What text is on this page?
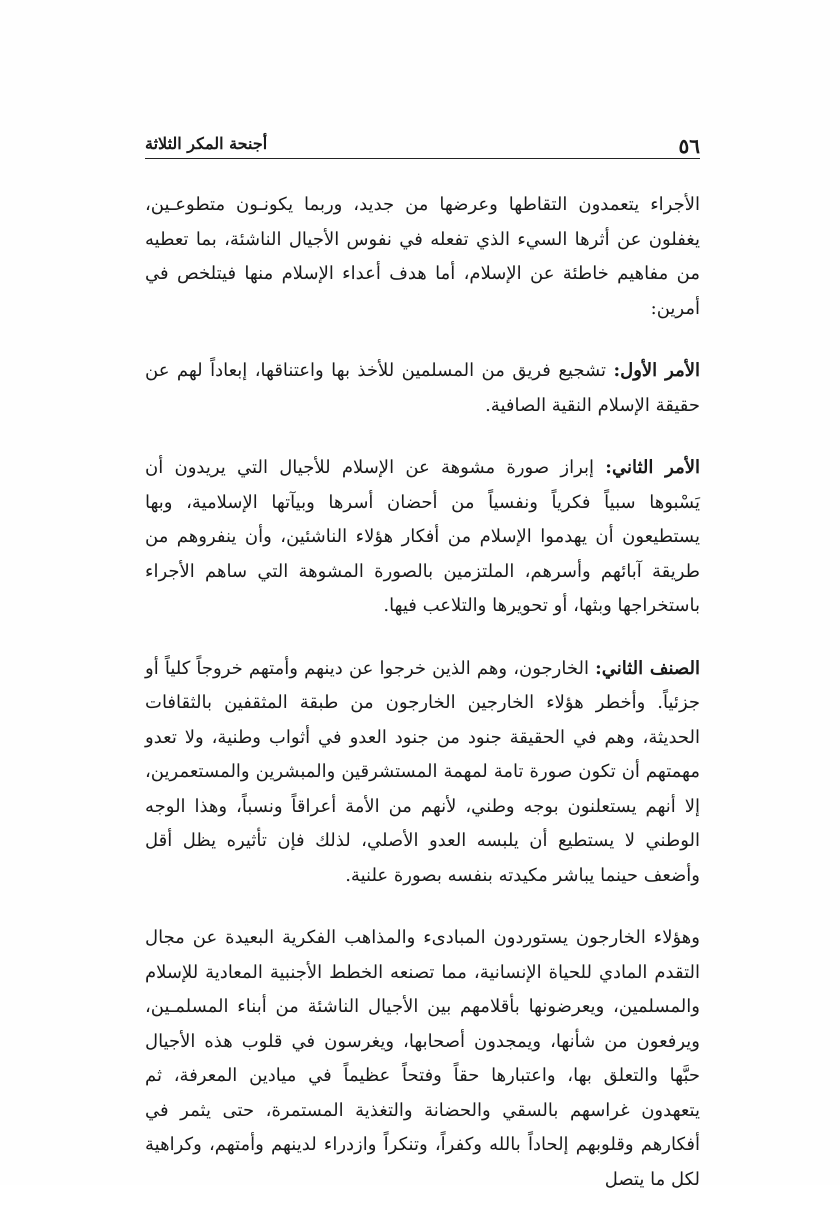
٥٦
أجنحة المكر الثلاثة

الأجراء يتعمدون التقاطها وعرضها من جديد، وربما يكونـون متطوعـين، يغفلون عن أثرها السيء الذي تفعله في نفوس الأجيال الناشئة، بما تعطيه من مفاهيم خاطئة عن الإسلام، أما هدف أعداء الإسلام منها فيتلخص في أمرين:

الأمر الأول: تشجيع فريق من المسلمين للأخذ بها واعتناقها، إبعاداً لهم عن حقيقة الإسلام النقية الصافية.

الأمر الثاني: إبراز صورة مشوهة عن الإسلام للأجيال التي يريدون أن يَسْبوها سبياً فكرياً ونفسياً من أحضان أسرها وبيآتها الإسلامية، وبها يستطيعون أن يهدموا الإسلام من أفكار هؤلاء الناشئين، وأن ينفروهم من طريقة آبائهم وأسرهم، الملتزمين بالصورة المشوهة التي ساهم الأجراء باستخراجها وبثها، أو تحويرها والتلاعب فيها.

الصنف الثاني: الخارجون، وهم الذين خرجوا عن دينهم وأمتهم خروجاً كلياً أو جزئياً. وأخطر هؤلاء الخارجين الخارجون من طبقة المثقفين بالثقافات الحديثة، وهم في الحقيقة جنود من جنود العدو في أثواب وطنية، ولا تعدو مهمتهم أن تكون صورة تامة لمهمة المستشرقين والمبشرين والمستعمرين، إلا أنهم يستعلنون بوجه وطني، لأنهم من الأمة أعراقاً ونسباً، وهذا الوجه الوطني لا يستطيع أن يلبسه العدو الأصلي، لذلك فإن تأثيره يظل أقل وأضعف حينما يباشر مكيدته بنفسه بصورة علنية.

وهؤلاء الخارجون يستوردون المبادىء والمذاهب الفكرية البعيدة عن مجال التقدم المادي للحياة الإنسانية، مما تصنعه الخطط الأجنبية المعادية للإسلام والمسلمين، ويعرضونها بأقلامهم بين الأجيال الناشئة من أبناء المسلمـين، ويرفعون من شأنها، ويمجدون أصحابها، ويغرسون في قلوب هذه الأجيال حبَّها والتعلق بها، واعتبارها حقاً وفتحاً عظيماً في ميادين المعرفة، ثم يتعهدون غراسهم بالسقي والحضانة والتغذية المستمرة، حتى يثمر في أفكارهم وقلوبهم إلحاداً بالله وكفراً، وتنكراً وازدراء لدينهم وأمتهم، وكراهية لكل ما يتصل
